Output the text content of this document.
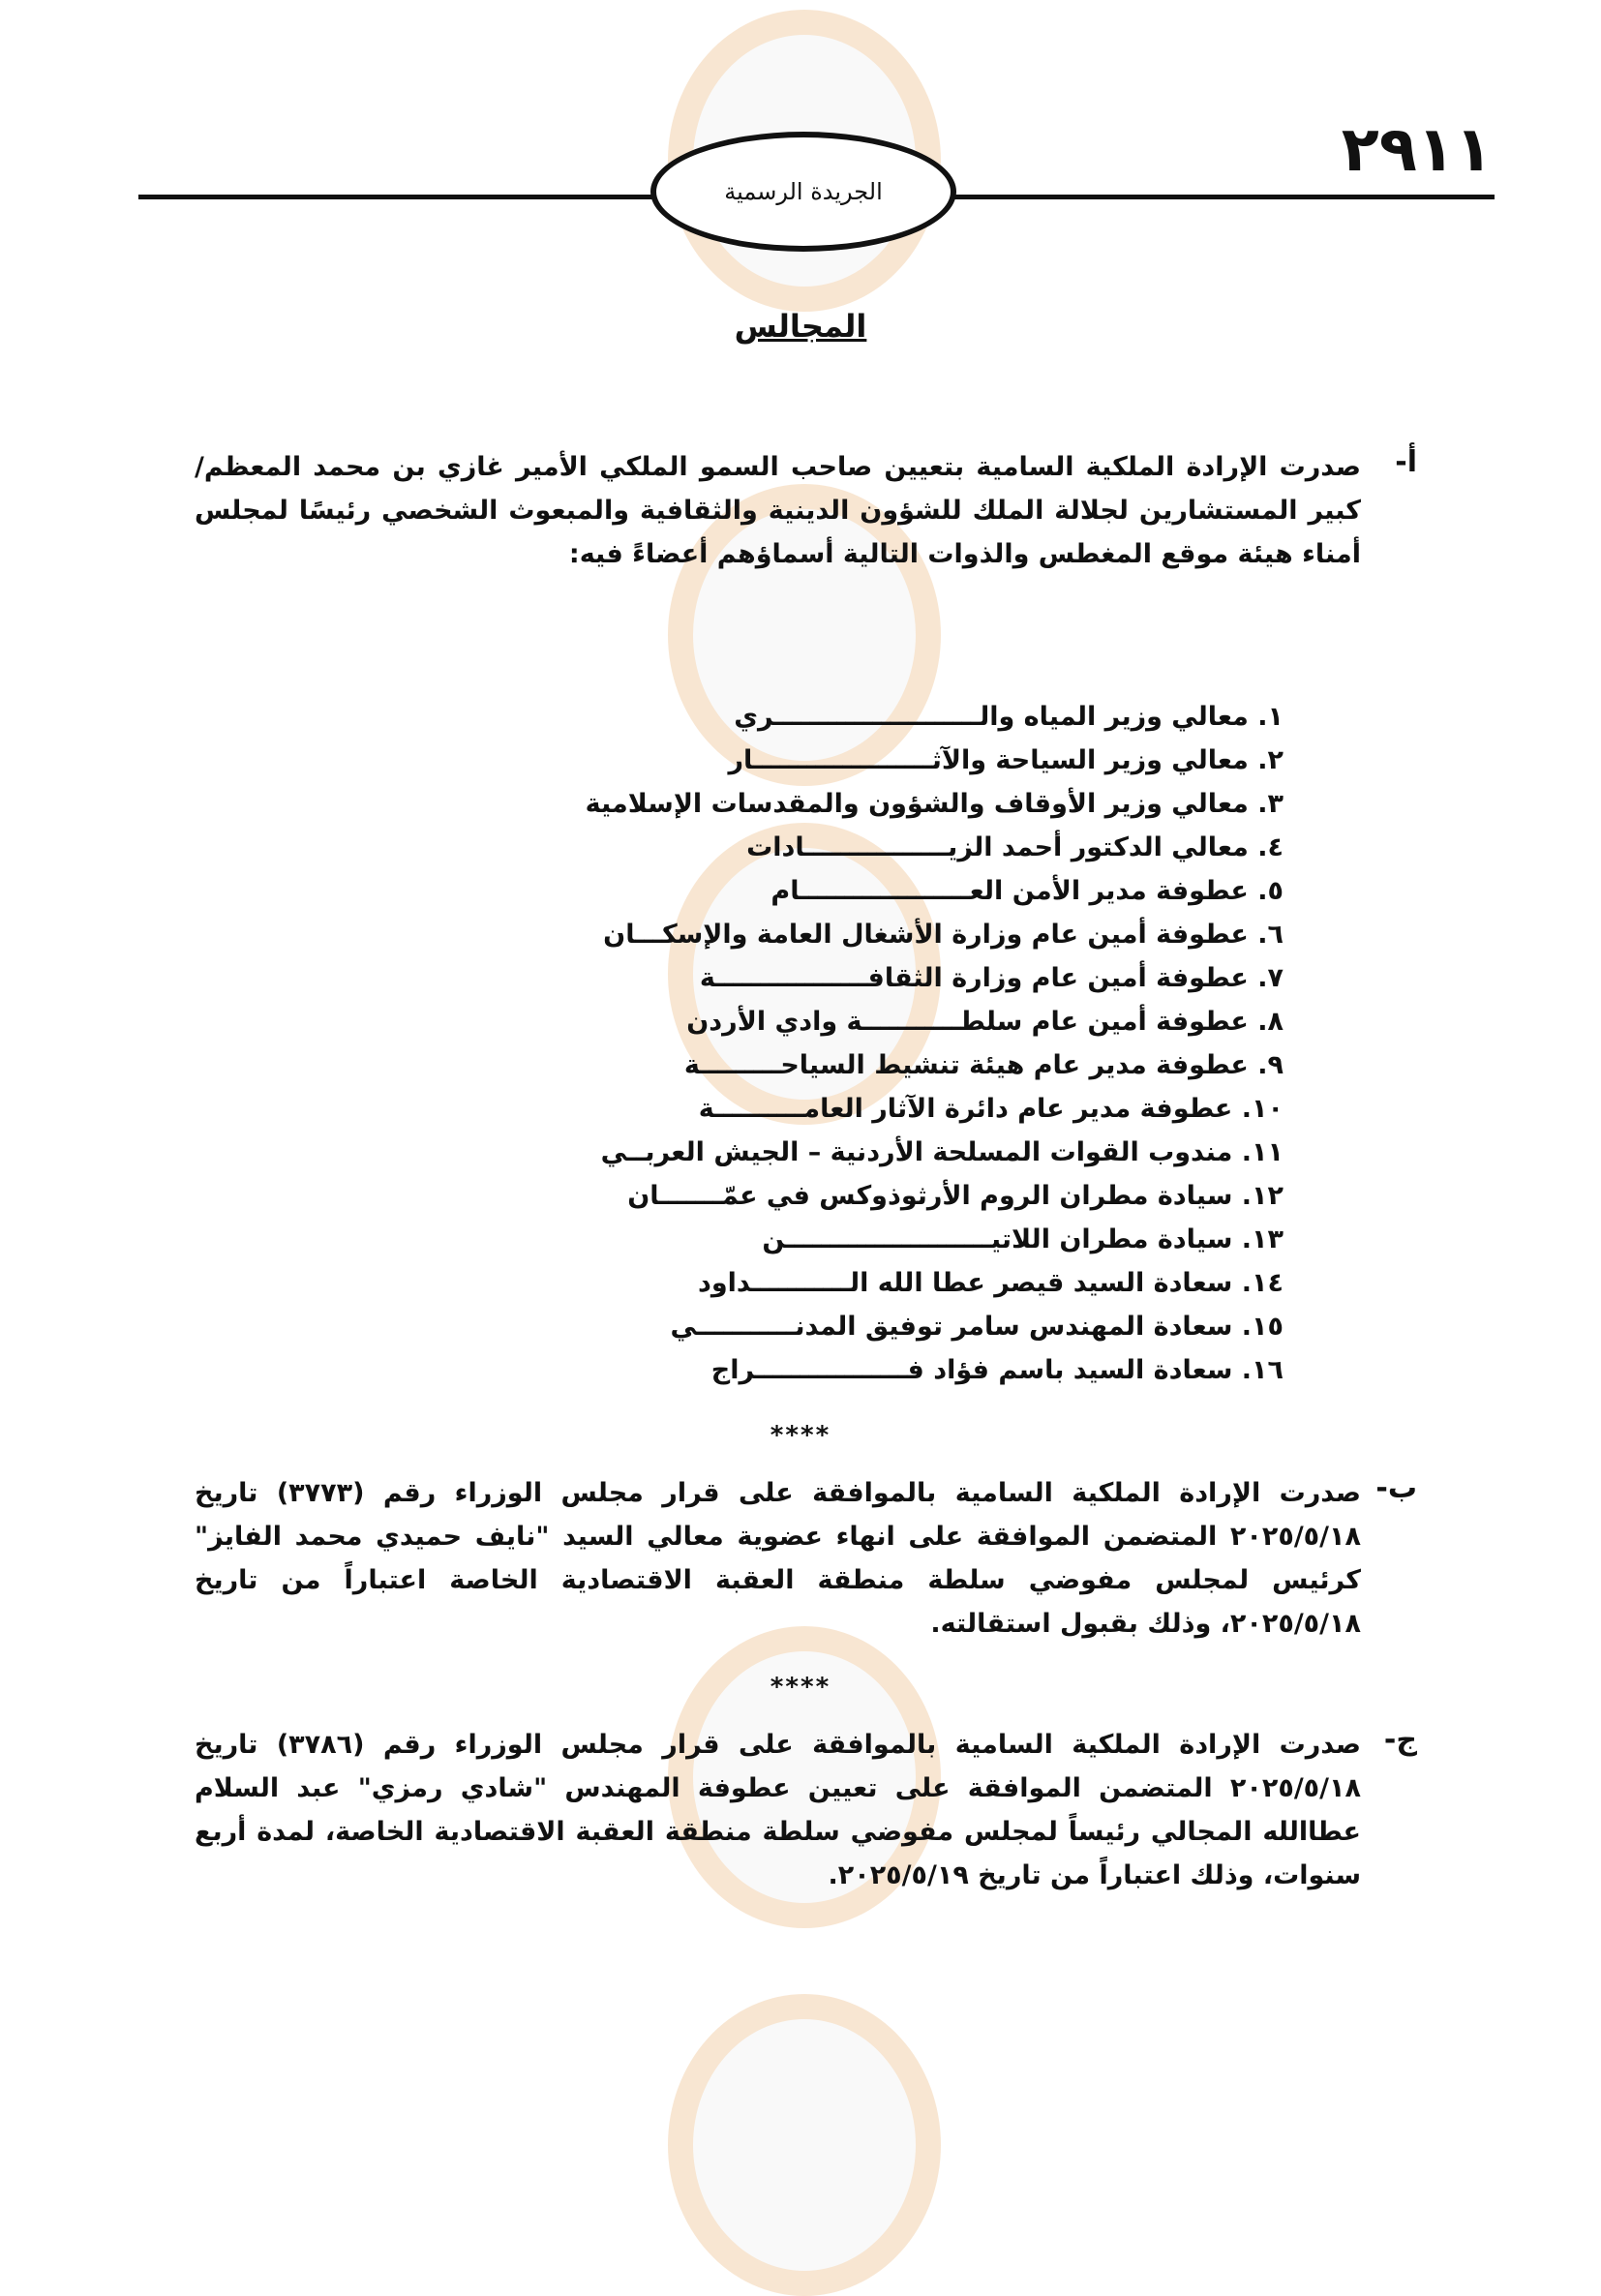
الجريدة الرسمية
٢٩١١
المجالس
أ-
صدرت الإرادة الملكية السامية بتعيين صاحب السمو الملكي الأمير غازي بن محمد المعظم/ كبير المستشارين لجلالة الملك للشؤون الدينية والثقافية والمبعوث الشخصي رئيسًا لمجلس أمناء هيئة موقع المغطس والذوات التالية أسماؤهم أعضاءً فيه:
١. معالي وزير المياه والـــــــــــــــــــــــري
٢. معالي وزير السياحة والآثــــــــــــــــــــار
٣. معالي وزير الأوقاف والشؤون والمقدسات الإسلامية
٤. معالي الدكتور أحمد الزيــــــــــــــــادات
٥. عطوفة مدير الأمن العـــــــــــــــــــام
٦. عطوفة أمين عام وزارة الأشغال العامة والإسكـــان
٧. عطوفة أمين عام وزارة الثقافـــــــــــــــــة
٨. عطوفة أمين عام سلطـــــــــــة وادي الأردن
٩. عطوفة مدير عام هيئة تنشيط السياحـــــــــة
١٠. عطوفة مدير عام دائرة الآثار العامــــــــــة
١١. مندوب القوات المسلحة الأردنية – الجيش العربــي
١٢. سيادة مطران الروم الأرثوذوكس في عمّـــــــان
١٣. سيادة مطران اللاتيـــــــــــــــــــــــن
١٤. سعادة السيد قيصر عطا الله الـــــــــــداود
١٥. سعادة المهندس سامر توفيق المدنـــــــــــي
١٦. سعادة السيد باسم فؤاد فـــــــــــــــــراج
****
ب-
صدرت الإرادة الملكية السامية بالموافقة على قرار مجلس الوزراء رقم (٣٧٧٣) تاريخ ٢٠٢٥/٥/١٨ المتضمن الموافقة على انهاء عضوية معالي السيد "نايف حميدي محمد الفايز" كرئيس لمجلس مفوضي سلطة منطقة العقبة الاقتصادية الخاصة اعتباراً من تاريخ ٢٠٢٥/٥/١٨، وذلك بقبول استقالته.
****
ج-
صدرت الإرادة الملكية السامية بالموافقة على قرار مجلس الوزراء رقم (٣٧٨٦) تاريخ ٢٠٢٥/٥/١٨ المتضمن الموافقة على تعيين عطوفة المهندس "شادي رمزي" عبد السلام عطاالله المجالي رئيساً لمجلس مفوضي سلطة منطقة العقبة الاقتصادية الخاصة، لمدة أربع سنوات، وذلك اعتباراً من تاريخ ٢٠٢٥/٥/١٩.
